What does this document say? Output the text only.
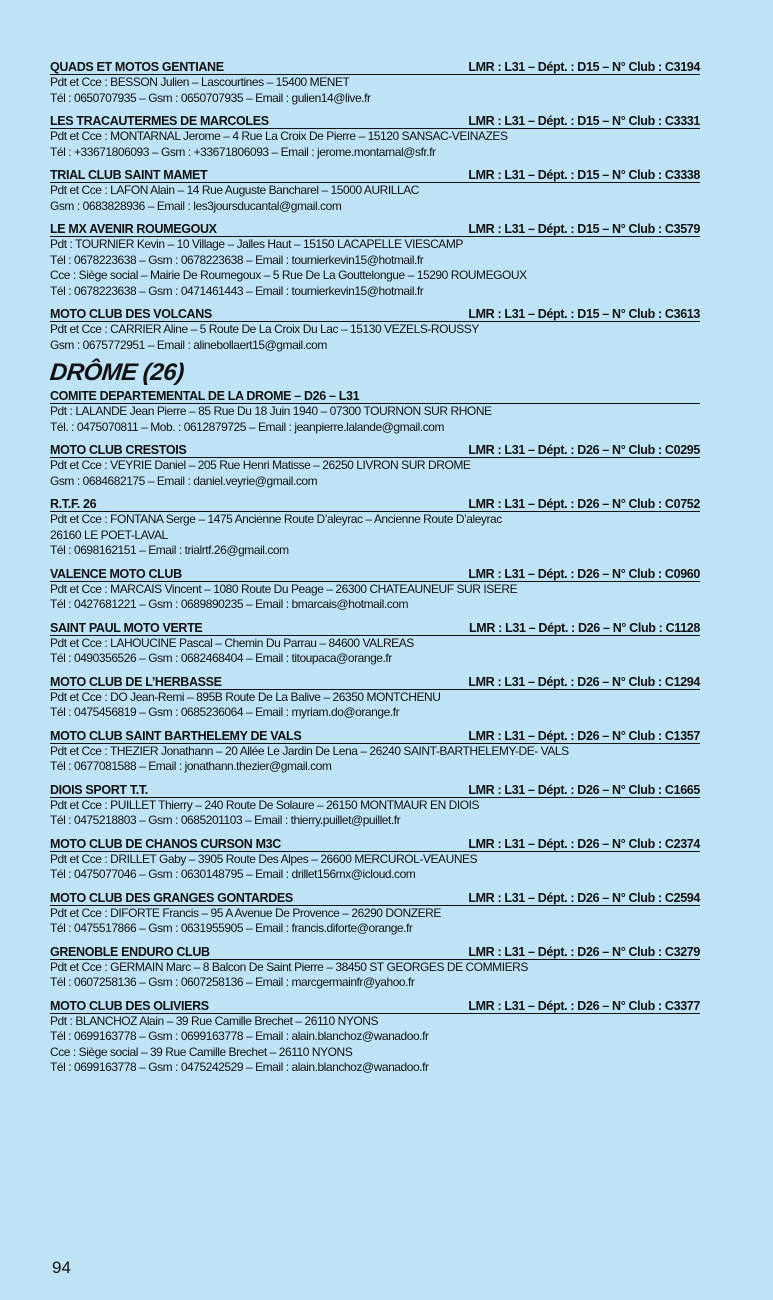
QUADS ET MOTOS GENTIANE	LMR : L31 – Dépt. : D15 – N° Club : C3194
Pdt et Cce : BESSON Julien – Lascourtines – 15400 MENET
Tél : 0650707935 – Gsm : 0650707935 – Email : gulien14@live.fr
LES TRACAUTERMES DE MARCOLES	LMR : L31 – Dépt. : D15 – N° Club : C3331
Pdt et Cce : MONTARNAL Jerome – 4 Rue La Croix De Pierre – 15120 SANSAC-VEINAZES
Tél : +33671806093 – Gsm : +33671806093 – Email : jerome.montarnal@sfr.fr
TRIAL CLUB SAINT MAMET	LMR : L31 – Dépt. : D15 – N° Club : C3338
Pdt et Cce : LAFON Alain – 14 Rue Auguste Bancharel – 15000 AURILLAC
Gsm : 0683828936 – Email : les3joursducantal@gmail.com
LE MX AVENIR ROUMEGOUX	LMR : L31 – Dépt. : D15 – N° Club : C3579
Pdt : TOURNIER Kevin – 10 Village – Jalles Haut – 15150 LACAPELLE VIESCAMP
Tél : 0678223638 – Gsm : 0678223638 – Email : tournierkevin15@hotmail.fr
Cce : Siège social – Mairie De Roumegoux – 5 Rue De La Gouttelongue – 15290 ROUMEGOUX
Tél : 0678223638 – Gsm : 0471461443 – Email : tournierkevin15@hotmail.fr
MOTO CLUB DES VOLCANS	LMR : L31 – Dépt. : D15 – N° Club : C3613
Pdt et Cce : CARRIER Aline – 5 Route De La Croix Du Lac – 15130 VEZELS-ROUSSY
Gsm : 0675772951 – Email : alinebollaert15@gmail.com
DRÔME (26)
COMITE DEPARTEMENTAL DE LA DROME – D26 – L31
Pdt : LALANDE Jean Pierre – 85 Rue Du 18 Juin 1940 – 07300 TOURNON SUR RHONE
Tél. : 0475070811 – Mob. : 0612879725 – Email : jeanpierre.lalande@gmail.com
MOTO CLUB CRESTOIS	LMR : L31 – Dépt. : D26 – N° Club : C0295
Pdt et Cce : VEYRIE Daniel – 205 Rue Henri Matisse – 26250 LIVRON SUR DROME
Gsm : 0684682175 – Email : daniel.veyrie@gmail.com
R.T.F. 26	LMR : L31 – Dépt. : D26 – N° Club : C0752
Pdt et Cce : FONTANA Serge – 1475 Ancienne Route D’aleyrac – Ancienne Route D’aleyrac
26160 LE POET-LAVAL
Tél : 0698162151 – Email : trialrtf.26@gmail.com
VALENCE MOTO CLUB	LMR : L31 – Dépt. : D26 – N° Club : C0960
Pdt et Cce : MARCAIS Vincent – 1080 Route Du Peage – 26300 CHATEAUNEUF SUR ISERE
Tél : 0427681221 – Gsm : 0689890235 – Email : bmarcais@hotmail.com
SAINT PAUL MOTO VERTE	LMR : L31 – Dépt. : D26 – N° Club : C1128
Pdt et Cce : LAHOUCINE Pascal – Chemin Du Parrau – 84600 VALREAS
Tél : 0490356526 – Gsm : 0682468404 – Email : titoupaca@orange.fr
MOTO CLUB DE L’HERBASSE	LMR : L31 – Dépt. : D26 – N° Club : C1294
Pdt et Cce : DO Jean-Remi – 895B Route De La Balive – 26350 MONTCHENU
Tél : 0475456819 – Gsm : 0685236064 – Email : myriam.do@orange.fr
MOTO CLUB SAINT BARTHELEMY DE VALS	LMR : L31 – Dépt. : D26 – N° Club : C1357
Pdt et Cce : THEZIER Jonathann – 20 Allée Le Jardin De Lena – 26240 SAINT-BARTHELEMY-DE- VALS
Tél : 0677081588 – Email : jonathann.thezier@gmail.com
DIOIS SPORT T.T.	LMR : L31 – Dépt. : D26 – N° Club : C1665
Pdt et Cce : PUILLET Thierry – 240 Route De Solaure – 26150 MONTMAUR EN DIOIS
Tél : 0475218803 – Gsm : 0685201103 – Email : thierry.puillet@puillet.fr
MOTO CLUB DE CHANOS CURSON M3C	LMR : L31 – Dépt. : D26 – N° Club : C2374
Pdt et Cce : DRILLET Gaby – 3905 Route Des Alpes – 26600 MERCUROL-VEAUNES
Tél : 0475077046 – Gsm : 0630148795 – Email : drillet156mx@icloud.com
MOTO CLUB DES GRANGES GONTARDES	LMR : L31 – Dépt. : D26 – N° Club : C2594
Pdt et Cce : DIFORTE Francis – 95 A Avenue De Provence – 26290 DONZERE
Tél : 0475517866 – Gsm : 0631955905 – Email : francis.diforte@orange.fr
GRENOBLE ENDURO CLUB	LMR : L31 – Dépt. : D26 – N° Club : C3279
Pdt et Cce : GERMAIN Marc – 8 Balcon De Saint Pierre – 38450 ST GEORGES DE COMMIERS
Tél : 0607258136 – Gsm : 0607258136 – Email : marcgermainfr@yahoo.fr
MOTO CLUB DES OLIVIERS	LMR : L31 – Dépt. : D26 – N° Club : C3377
Pdt : BLANCHOZ Alain – 39 Rue Camille Brechet – 26110 NYONS
Tél : 0699163778 – Gsm : 0699163778 – Email : alain.blanchoz@wanadoo.fr
Cce : Siège social – 39 Rue Camille Brechet – 26110 NYONS
Tél : 0699163778 – Gsm : 0475242529 – Email : alain.blanchoz@wanadoo.fr
94
